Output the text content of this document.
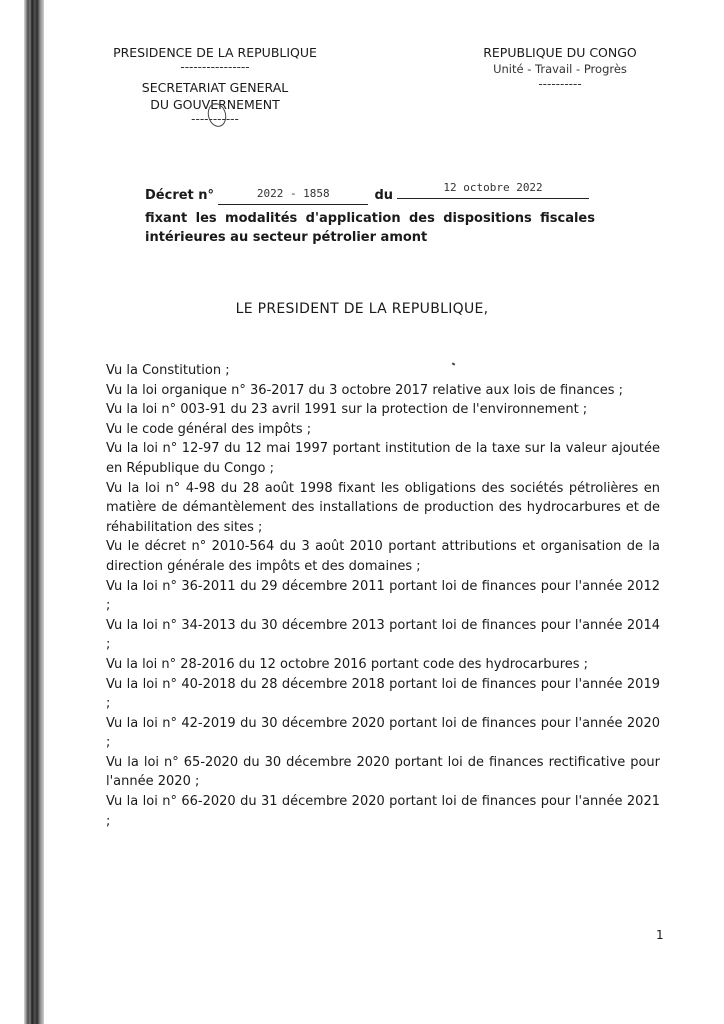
PRESIDENCE DE LA REPUBLIQUE
----------------
SECRETARIAT GENERAL
DU GOUVERNEMENT
-----------
REPUBLIQUE DU CONGO
Unité - Travail - Progrès
----------
Décret n°	2022 - 1858	du
12 octobre 2022
fixant les modalités d'application des dispositions fiscales intérieures au secteur pétrolier amont
LE PRESIDENT DE LA REPUBLIQUE,

Vu la Constitution ;

Vu la loi organique n° 36-2017 du 3 octobre 2017 relative aux lois de finances ;

Vu la loi n° 003-91 du 23 avril 1991 sur la protection de l'environnement ;

Vu le code général des impôts ;

Vu la loi n° 12-97 du 12 mai 1997 portant institution de la taxe sur la valeur ajoutée en République du Congo ;

Vu la loi n° 4-98 du 28 août 1998 fixant les obligations des sociétés pétrolières en matière de démantèlement des installations de production des hydrocarbures et de réhabilitation des sites ;

Vu le décret n° 2010-564 du 3 août 2010 portant attributions et organisation de la direction générale des impôts et des domaines ;

Vu la loi n° 36-2011 du 29 décembre 2011 portant loi de finances pour l'année 2012 ;

Vu la loi n° 34-2013 du 30 décembre 2013 portant loi de finances pour l'année 2014 ;

Vu la loi n° 28-2016 du 12 octobre 2016 portant code des hydrocarbures ;

Vu la loi n° 40-2018 du 28 décembre 2018 portant loi de finances pour l'année 2019 ;

Vu la loi n° 42-2019 du 30 décembre 2020 portant loi de finances pour l'année 2020 ;

Vu la loi n° 65-2020 du 30 décembre 2020 portant loi de finances rectificative pour l'année 2020 ;

Vu la loi n° 66-2020 du 31 décembre 2020 portant loi de finances pour l'année 2021 ;

1
